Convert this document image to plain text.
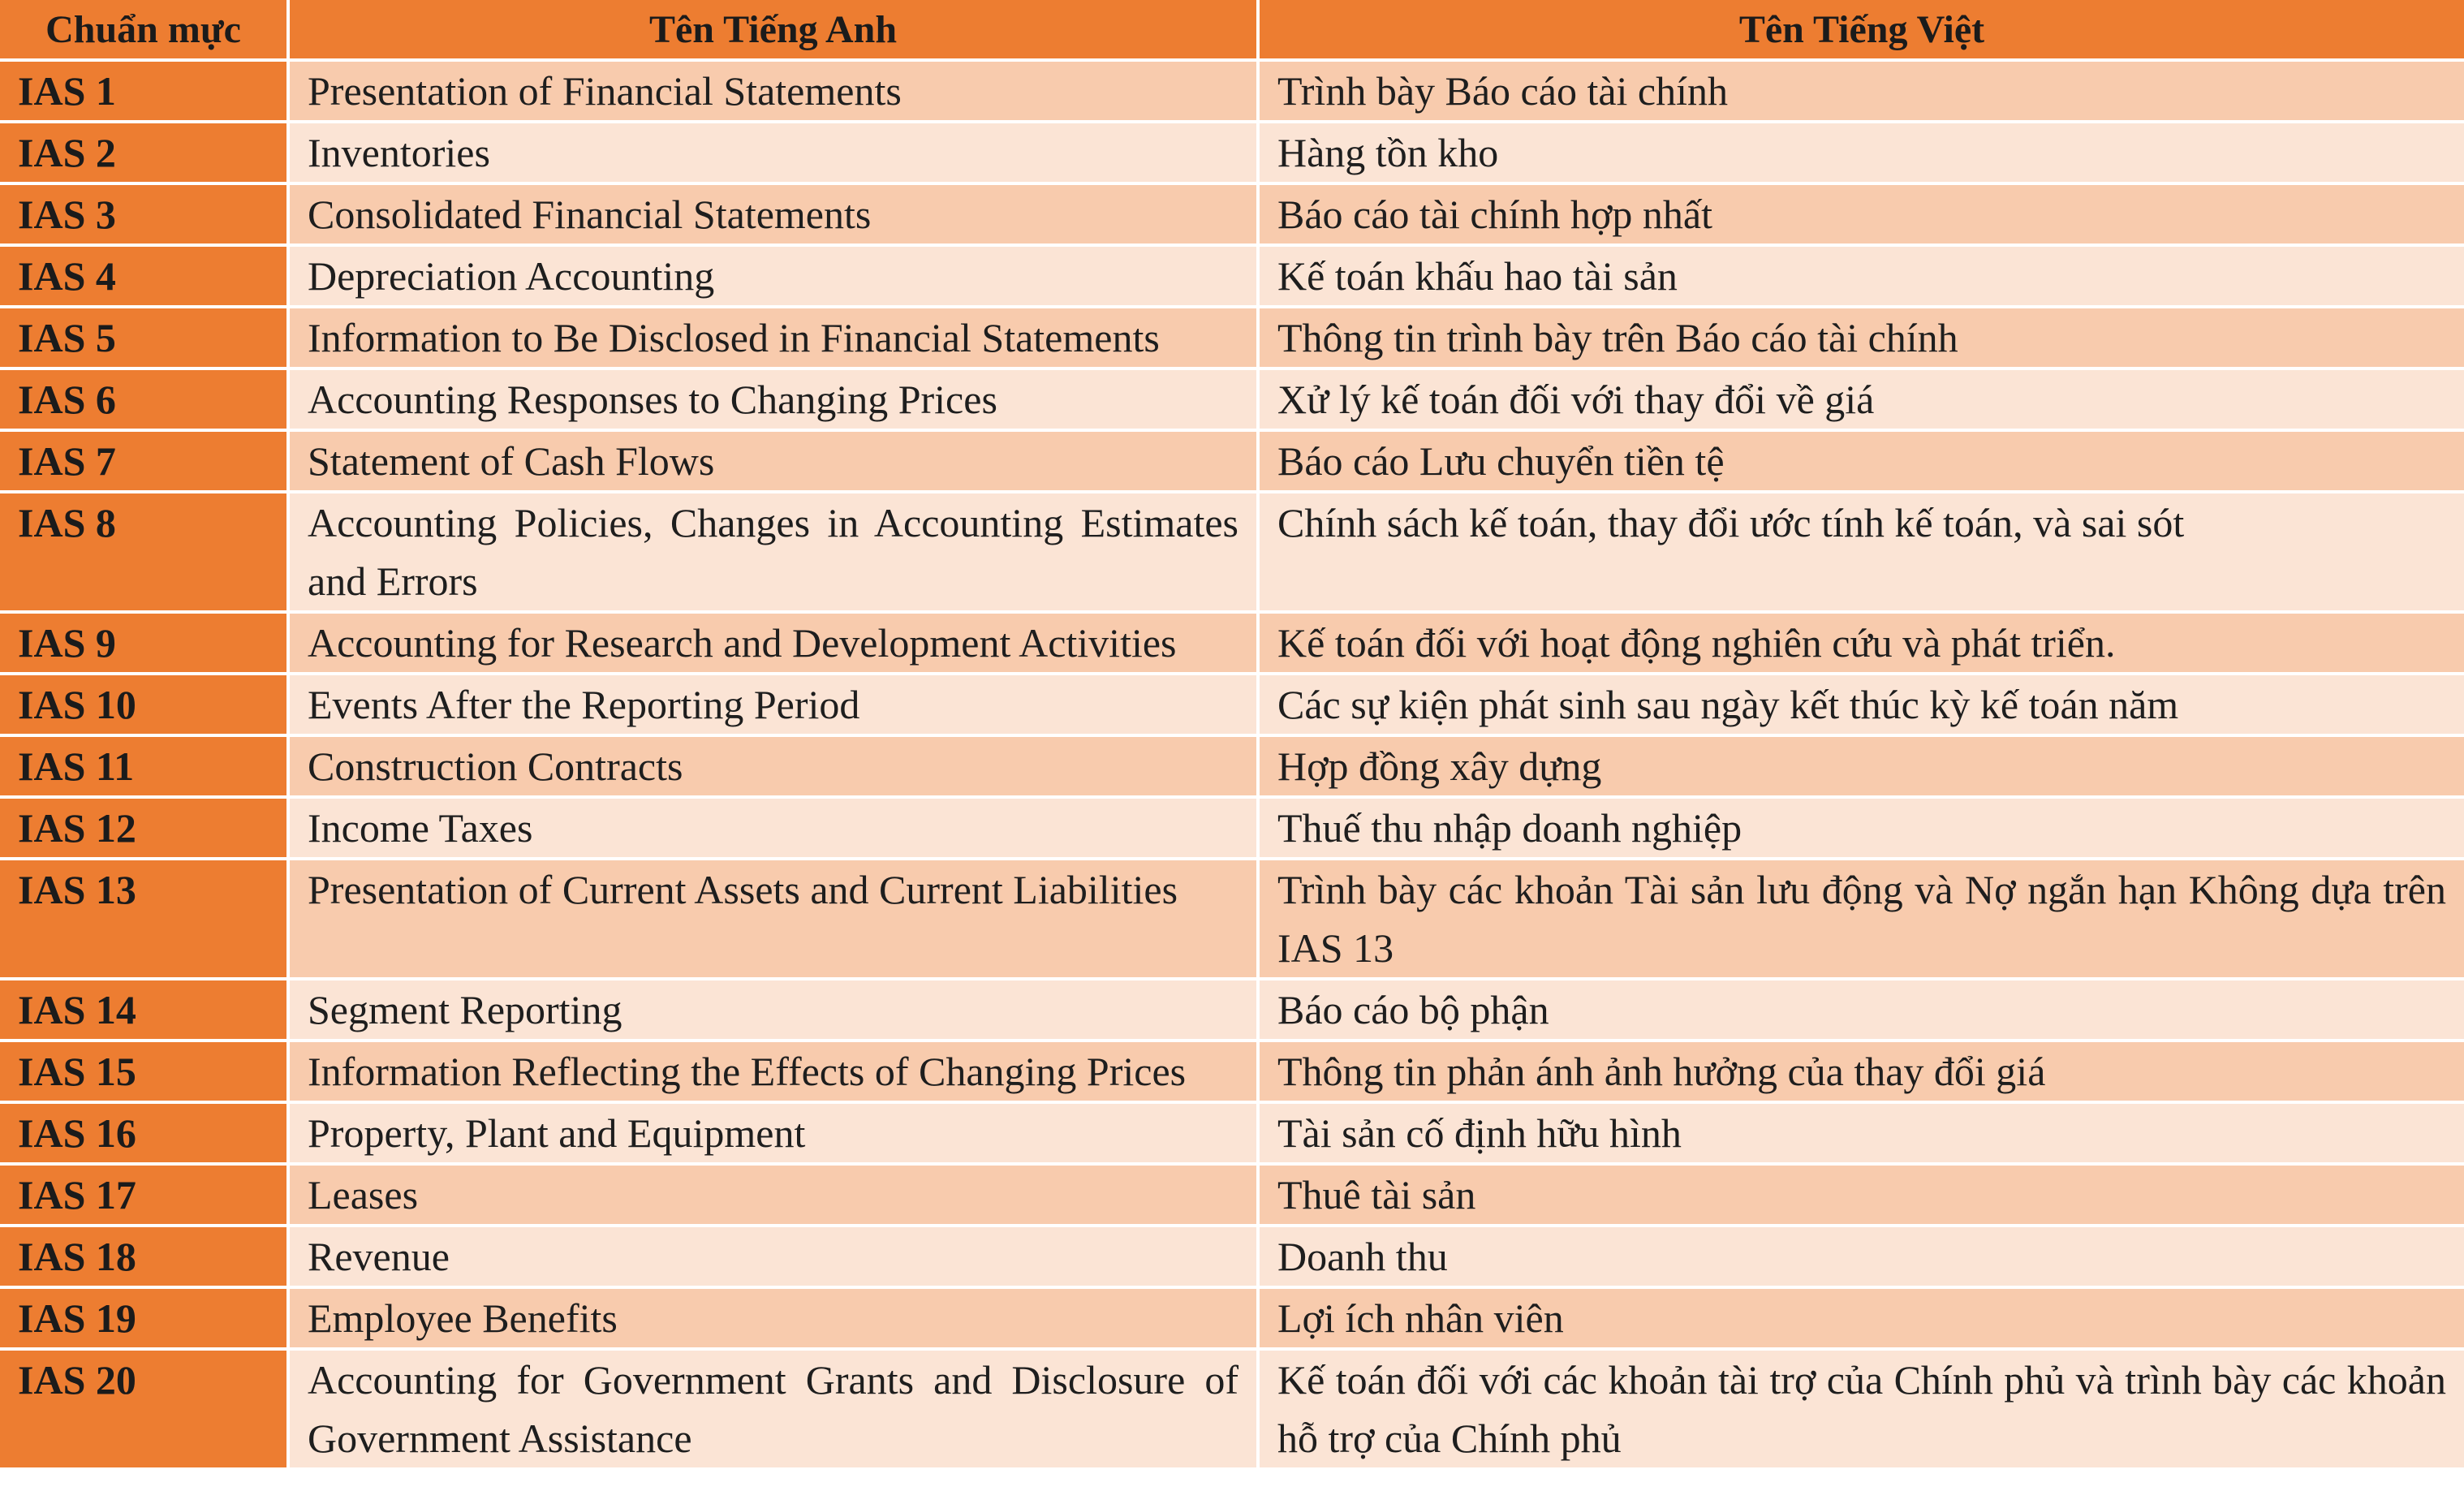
Chuẩn mực	Tên Tiếng Anh	Tên Tiếng Việt
IAS 1	Presentation of Financial Statements	Trình bày Báo cáo tài chính
IAS 2	Inventories	Hàng tồn kho
IAS 3	Consolidated Financial Statements	Báo cáo tài chính hợp nhất
IAS 4	Depreciation Accounting	Kế toán khấu hao tài sản
IAS 5	Information to Be Disclosed in Financial Statements	Thông tin trình bày trên Báo cáo tài chính
IAS 6	Accounting Responses to Changing Prices	Xử lý kế toán đối với thay đổi về giá
IAS 7	Statement of Cash Flows	Báo cáo Lưu chuyển tiền tệ
IAS 8	Accounting Policies, Changes in Accounting Estimates and Errors	Chính sách kế toán, thay đổi ước tính kế toán, và sai sót
IAS 9	Accounting for Research and Development Activities	Kế toán đối với hoạt động nghiên cứu và phát triển.
IAS 10	Events After the Reporting Period	Các sự kiện phát sinh sau ngày kết thúc kỳ kế toán năm
IAS 11	Construction Contracts	Hợp đồng xây dựng
IAS 12	Income Taxes	Thuế thu nhập doanh nghiệp
IAS 13	Presentation of Current Assets and Current Liabilities	Trình bày các khoản Tài sản lưu động và Nợ ngắn hạn Không dựa trên IAS 13
IAS 14	Segment Reporting	Báo cáo bộ phận
IAS 15	Information Reflecting the Effects of Changing Prices	Thông tin phản ánh ảnh hưởng của thay đổi giá
IAS 16	Property, Plant and Equipment	Tài sản cố định hữu hình
IAS 17	Leases	Thuê tài sản
IAS 18	Revenue	Doanh thu
IAS 19	Employee Benefits	Lợi ích nhân viên
IAS 20	Accounting for Government Grants and Disclosure of Government Assistance	Kế toán đối với các khoản tài trợ của Chính phủ và trình bày các khoản hỗ trợ của Chính phủ
